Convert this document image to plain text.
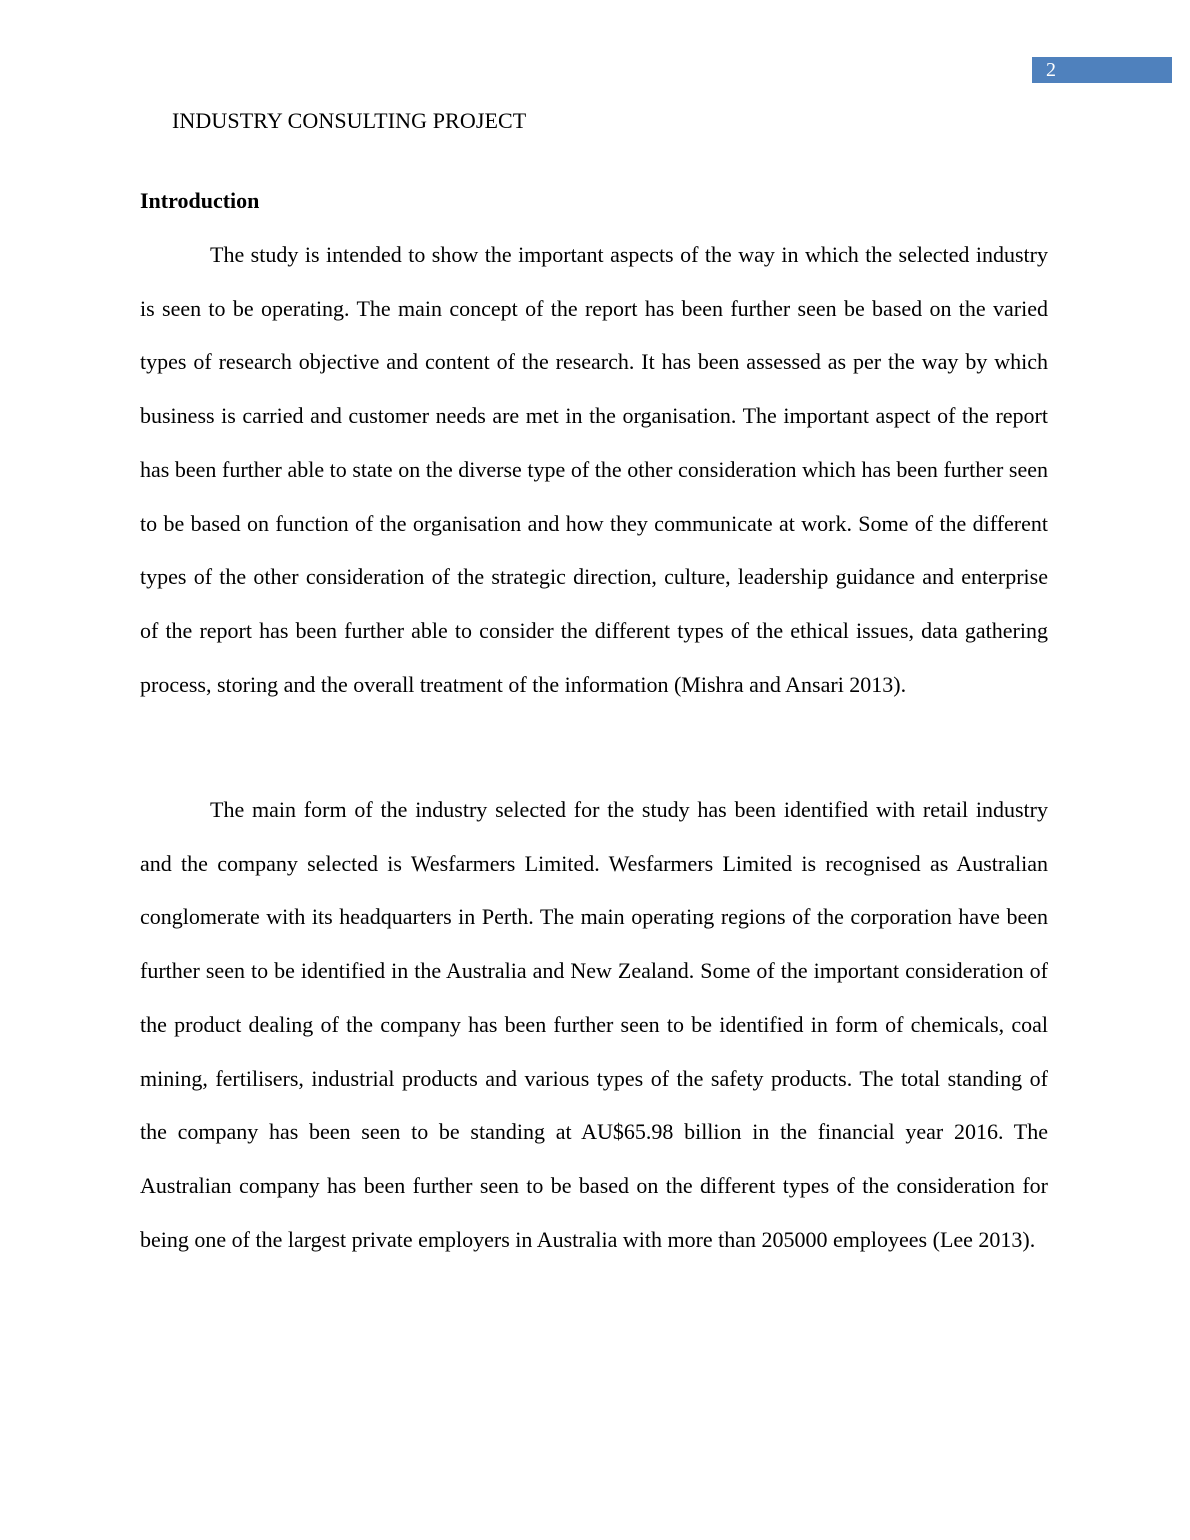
2
INDUSTRY CONSULTING PROJECT
Introduction

The study is intended to show the important aspects of the way in which the selected industry is seen to be operating. The main concept of the report has been further seen be based on the varied types of research objective and content of the research. It has been assessed as per the way by which business is carried and customer needs are met in the organisation. The important aspect of the report has been further able to state on the diverse type of the other consideration which has been further seen to be based on function of the organisation and how they communicate at work. Some of the different types of the other consideration of the strategic direction, culture, leadership guidance and enterprise of the report has been further able to consider the different types of the ethical issues, data gathering process, storing and the overall treatment of the information (Mishra and Ansari 2013).

The main form of the industry selected for the study has been identified with retail industry and the company selected is Wesfarmers Limited. Wesfarmers Limited is recognised as Australian conglomerate with its headquarters in Perth. The main operating regions of the corporation have been further seen to be identified in the Australia and New Zealand. Some of the important consideration of the product dealing of the company has been further seen to be identified in form of chemicals, coal mining, fertilisers, industrial products and various types of the safety products. The total standing of the company has been seen to be standing at AU$65.98 billion in the financial year 2016. The Australian company has been further seen to be based on the different types of the consideration for being one of the largest private employers in Australia with more than 205000 employees (Lee 2013).
